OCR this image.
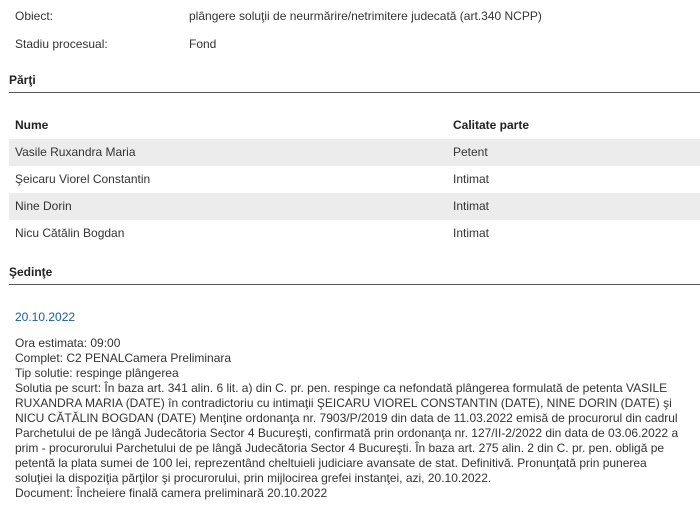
Obiect:	plângere soluţii de neurmărire/netrimitere judecată (art.340 NCPP)
Stadiu procesual:	Fond
Părţi
Nume	Calitate parte
Vasile Ruxandra Maria	Petent
Şeicaru Viorel Constantin	Intimat
Nine Dorin	Intimat
Nicu Cătălin Bogdan	Intimat
Şedinţe
20.10.2022
Ora estimata: 09:00
Complet: C2 PENALCamera Preliminara
Tip solutie: respinge plângerea
Solutia pe scurt: În baza art. 341 alin. 6 lit. a) din C. pr. pen. respinge ca nefondată plângerea formulată de petenta VASILE RUXANDRA MARIA (DATE) în contradictoriu cu intimaţii ŞEICARU VIOREL CONSTANTIN (DATE), NINE DORIN (DATE) şi NICU CĂTĂLIN BOGDAN (DATE) Menţine ordonanţa nr. 7903/P/2019 din data de 11.03.2022 emisă de procurorul din cadrul Parchetului de pe lângă Judecătoria Sector 4 Bucureşti, confirmată prin ordonanţa nr. 127/II-2/2022 din data de 03.06.2022 a prim - procurorului Parchetului de pe lângă Judecătoria Sector 4 Bucureşti. În baza art. 275 alin. 2 din C. pr. pen. obligă pe petentă la plata sumei de 100 lei, reprezentând cheltuieli judiciare avansate de stat. Definitivă. Pronunţată prin punerea soluţiei la dispoziţia părţilor şi procurorului, prin mijlocirea grefei instanţei, azi, 20.10.2022.
Document: Încheiere finală camera preliminară 20.10.2022
